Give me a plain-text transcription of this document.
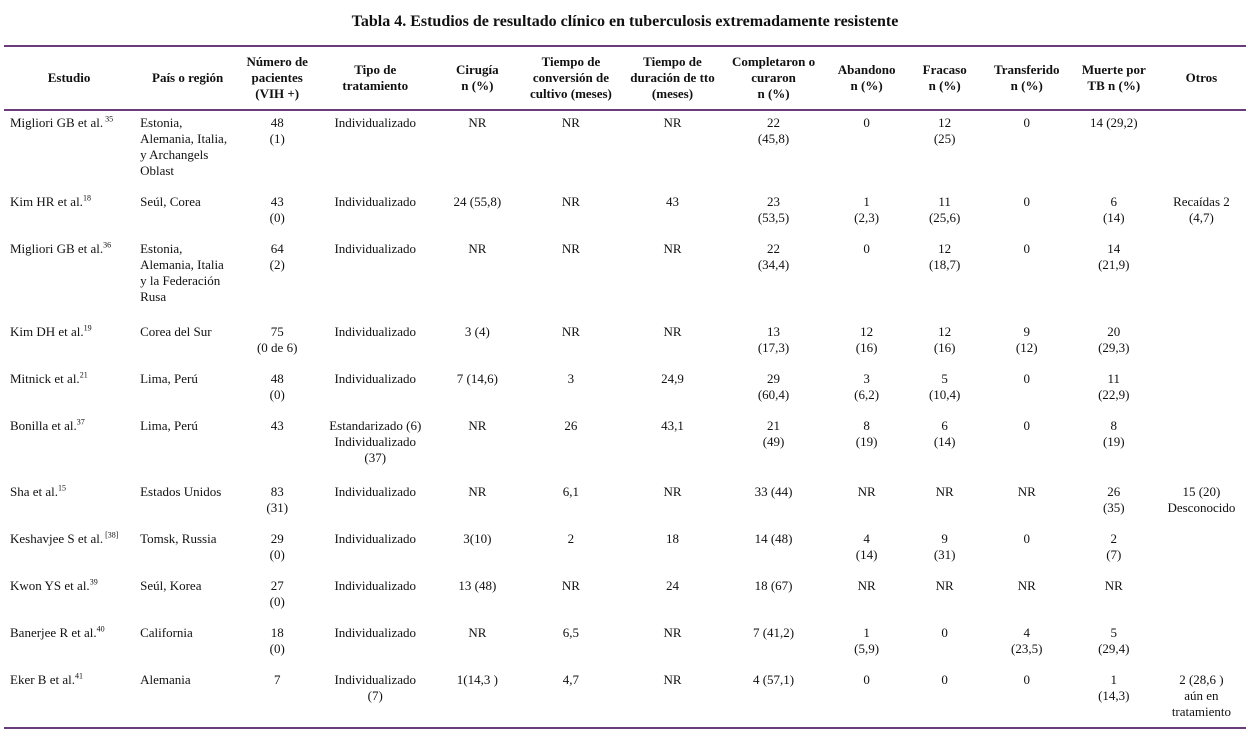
Tabla 4. Estudios de resultado clínico en tuberculosis extremadamente resistente
Estudio	País o región	Número de
pacientes
(VIH +)	Tipo de
tratamiento	Cirugía
n (%)	Tiempo de
conversión de
cultivo (meses)	Tiempo de
duración de tto
(meses)	Completaron o
curaron
n (%)	Abandono
n (%)	Fracaso
n (%)	Transferido
n (%)	Muerte por
TB n (%)	Otros
Migliori GB et al. $^{35}$	Estonia,
Alemania, Italia,
y Archangels
Oblast	48
(1)	Individualizado	NR	NR	NR	22
(45,8)	0	12
(25)	0	14 (29,2)	
Kim HR et al.$^{18}$	Seúl, Corea	43
(0)	Individualizado	24 (55,8)	NR	43	23
(53,5)	1
(2,3)	11
(25,6)	0	6
(14)	Recaídas 2
(4,7)
Migliori GB et al.$^{36}$	Estonia,
Alemania, Italia
y la Federación
Rusa	64
(2)	Individualizado	NR	NR	NR	22
(34,4)	0	12
(18,7)	0	14
(21,9)	
Kim DH et al.$^{19}$	Corea del Sur	75
(0 de 6)	Individualizado	3 (4)	NR	NR	13
(17,3)	12
(16)	12
(16)	9
(12)	20
(29,3)	
Mitnick et al.$^{21}$	Lima, Perú	48
(0)	Individualizado	7 (14,6)	3	24,9	29
(60,4)	3
(6,2)	5
(10,4)	0	11
(22,9)	
Bonilla et al.$^{37}$	Lima, Perú	43	Estandarizado (6)
Individualizado
(37)	NR	26	43,1	21
(49)	8
(19)	6
(14)	0	8
(19)	
Sha et al.$^{15}$	Estados Unidos	83
(31)	Individualizado	NR	6,1	NR	33 (44)	NR	NR	NR	26
(35)	15 (20)
Desconocido
Keshavjee S et al. [38]	Tomsk, Russia	29
(0)	Individualizado	3(10)	2	18	14 (48)	4
(14)	9
(31)	0	2
(7)	
Kwon YS et al.$^{39}$	Seúl, Korea	27
(0)	Individualizado	13 (48)	NR	24	18 (67)	NR	NR	NR	NR	
Banerjee R et al.$^{40}$	California	18
(0)	Individualizado	NR	6,5	NR	7 (41,2)	1
(5,9)	0	4
(23,5)	5
(29,4)	
Eker B et al.$^{41}$	Alemania	7	Individualizado
(7)	1(14,3 )	4,7	NR	4 (57,1)	0	0	0	1
(14,3)	2 (28,6 )
aún en
tratamiento
